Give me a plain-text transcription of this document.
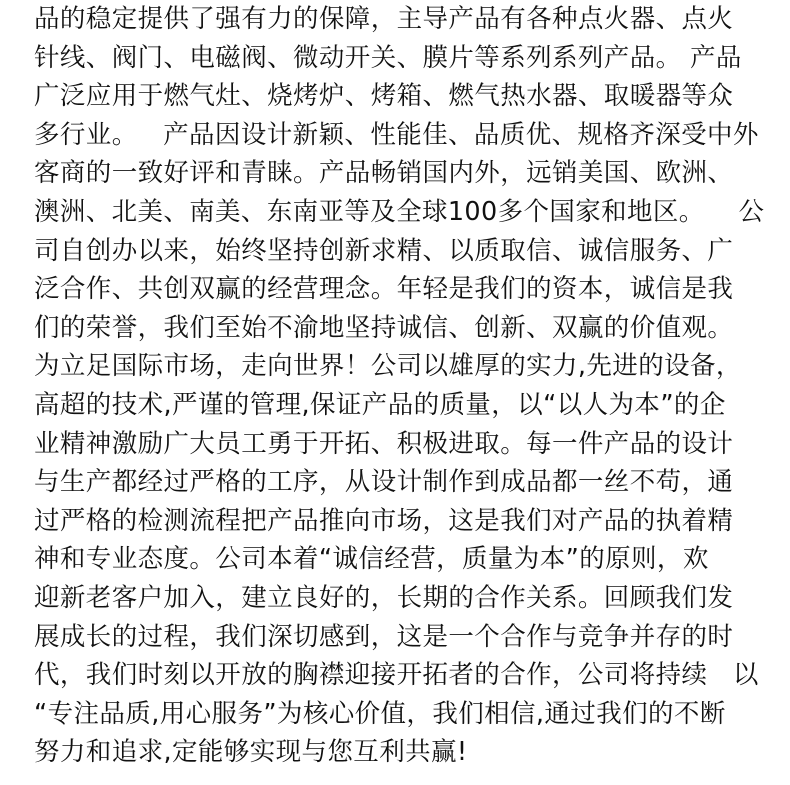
品的稳定提供了强有力的保障，主导产品有各种点火器、点火
针线、阀门、电磁阀、微动开关、膜片等系列系列产品。 产品
广泛应用于燃气灶、烧烤炉、烤箱、燃气热水器、取暖器等众
多行业。   产品因设计新颖、性能佳、品质优、规格齐深受中外
客商的一致好评和青睐。产品畅销国内外，远销美国、欧洲、
澳洲、北美、南美、东南亚等及全球100多个国家和地区。    公
司自创办以来，始终坚持创新求精、以质取信、诚信服务、广
泛合作、共创双赢的经营理念。年轻是我们的资本，诚信是我
们的荣誉，我们至始不渝地坚持诚信、创新、双赢的价值观。
为立足国际市场，走向世界！公司以雄厚的实力,先进的设备，
高超的技术,严谨的管理,保证产品的质量，以“以人为本”的企
业精神激励广大员工勇于开拓、积极进取。每一件产品的设计
与生产都经过严格的工序，从设计制作到成品都一丝不苟，通
过严格的检测流程把产品推向市场，这是我们对产品的执着精
神和专业态度。公司本着“诚信经营，质量为本”的原则，欢
迎新老客户加入，建立良好的，长期的合作关系。回顾我们发
展成长的过程，我们深切感到，这是一个合作与竞争并存的时
代，我们时刻以开放的胸襟迎接开拓者的合作，公司将持续   以
“专注品质,用心服务”为核心价值，我们相信,通过我们的不断
努力和追求,定能够实现与您互利共赢!
